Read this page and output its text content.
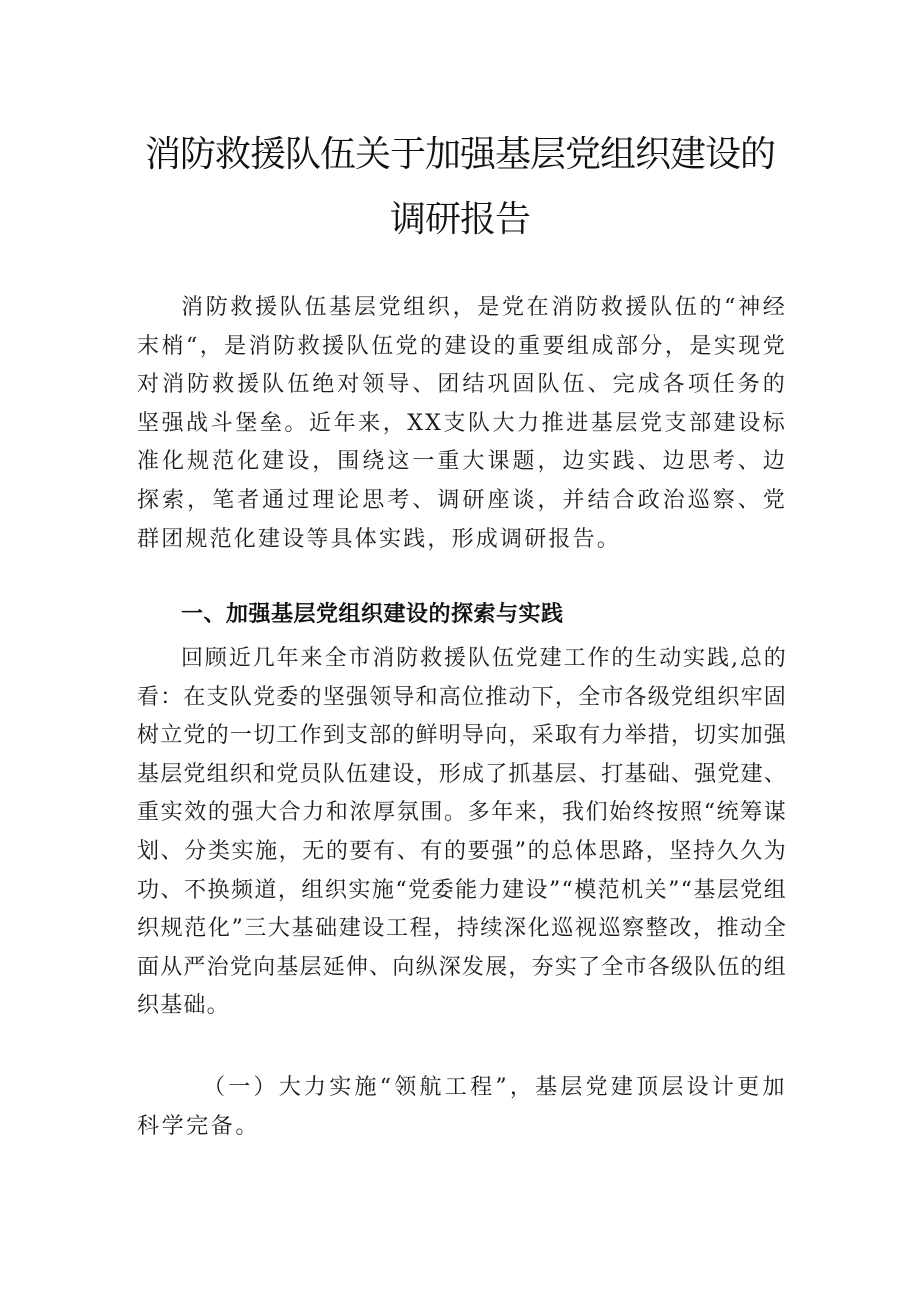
消防救援队伍关于加强基层党组织建设的
调研报告

消防救援队伍基层党组织，是党在消防救援队伍的“神经末梢“，是消防救援队伍党的建设的重要组成部分，是实现党对消防救援队伍绝对领导、团结巩固队伍、完成各项任务的坚强战斗堡垒。近年来，XX支队大力推进基层党支部建设标准化规范化建设，围绕这一重大课题，边实践、边思考、边探索，笔者通过理论思考、调研座谈，并结合政治巡察、党群团规范化建设等具体实践，形成调研报告。

一、加强基层党组织建设的探索与实践

回顾近几年来全市消防救援队伍党建工作的生动实践,总的看：在支队党委的坚强领导和高位推动下，全市各级党组织牢固树立党的一切工作到支部的鲜明导向，采取有力举措，切实加强基层党组织和党员队伍建设，形成了抓基层、打基础、强党建、重实效的强大合力和浓厚氛围。多年来，我们始终按照“统筹谋划、分类实施，无的要有、有的要强”的总体思路，坚持久久为功、不换频道，组织实施“党委能力建设”“模范机关”“基层党组织规范化”三大基础建设工程，持续深化巡视巡察整改，推动全面从严治党向基层延伸、向纵深发展，夯实了全市各级队伍的组织基础。

（一）大力实施“领航工程”，基层党建顶层设计更加科学完备。
